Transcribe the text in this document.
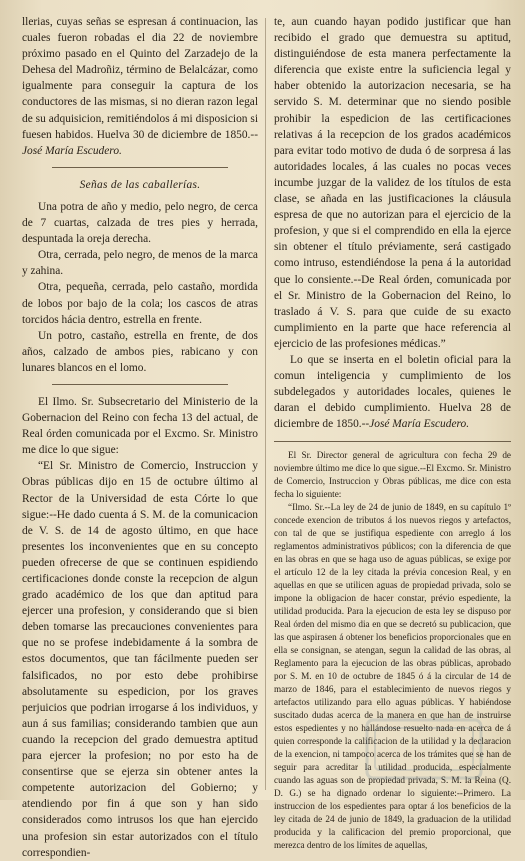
llerias, cuyas señas se espresan á continuacion, las cuales fueron robadas el dia 22 de noviembre próximo pasado en el Quinto del Zarzadejo de la Dehesa del Madroñiz, término de Belalcázar, como igualmente para conseguir la captura de los conductores de las mismas, si no dieran razon legal de su adquisicion, remitiéndolos á mi disposicion si fuesen habidos. Huelva 30 de diciembre de 1850.--José María Escudero.

Señas de las caballerías.

Una potra de año y medio, pelo negro, de cerca de 7 cuartas, calzada de tres pies y herrada, despuntada la oreja derecha.

Otra, cerrada, pelo negro, de menos de la marca y zahina.

Otra, pequeña, cerrada, pelo castaño, mordida de lobos por bajo de la cola; los cascos de atras torcidos hácia dentro, estrella en frente.

Un potro, castaño, estrella en frente, de dos años, calzado de ambos pies, rabicano y con lunares blancos en el lomo.

El Ilmo. Sr. Subsecretario del Ministerio de la Gobernacion del Reino con fecha 13 del actual, de Real órden comunicada por el Excmo. Sr. Ministro me dice lo que sigue:

“El Sr. Ministro de Comercio, Instruccion y Obras públicas dijo en 15 de octubre último al Rector de la Universidad de esta Córte lo que sigue:--He dado cuenta á S. M. de la comunicacion de V. S. de 14 de agosto último, en que hace presentes los inconvenientes que en su concepto pueden ofrecerse de que se continuen espidiendo certificaciones donde conste la recepcion de algun grado académico de los que dan aptitud para ejercer una profesion, y considerando que si bien deben tomarse las precauciones convenientes para que no se profese indebidamente á la sombra de estos documentos, que tan fácilmente pueden ser falsificados, no por esto debe prohibirse absolutamente su espedicion, por los graves perjuicios que podrian irrogarse á los individuos, y aun á sus familias; considerando tambien que aun cuando la recepcion del grado demuestra aptitud para ejercer la profesion; no por esto ha de consentirse que se ejerza sin obtener antes la competente autorizacion del Gobierno; y atendiendo por fin á que son y han sido considerados como intrusos los que han ejercido una profesion sin estar autorizados con el título correspondien-

te, aun cuando hayan podido justificar que han recibido el grado que demuestra su aptitud, distinguiéndose de esta manera perfectamente la diferencia que existe entre la suficiencia legal y haber obtenido la autorizacion necesaria, se ha servido S. M. determinar que no siendo posible prohibir la espedicion de las certificaciones relativas á la recepcion de los grados académicos para evitar todo motivo de duda ó de sorpresa á las autoridades locales, á las cuales no pocas veces incumbe juzgar de la validez de los títulos de esta clase, se añada en las justificaciones la cláusula espresa de que no autorizan para el ejercicio de la profesion, y que si el comprendido en ella la ejerce sin obtener el título préviamente, será castigado como intruso, estendiéndose la pena á la autoridad que lo consiente.--De Real órden, comunicada por el Sr. Ministro de la Gobernacion del Reino, lo traslado á V. S. para que cuide de su exacto cumplimiento en la parte que hace referencia al ejercicio de las profesiones médicas.”

Lo que se inserta en el boletin oficial para la comun inteligencia y cumplimiento de los subdelegados y autoridades locales, quienes le daran el debido cumplimiento. Huelva 28 de diciembre de 1850.--José María Escudero.

El Sr. Director general de agricultura con fecha 29 de noviembre último me dice lo que sigue.--El Excmo. Sr. Ministro de Comercio, Instruccion y Obras públicas, me dice con esta fecha lo siguiente:

“Ilmo. Sr.--La ley de 24 de junio de 1849, en su capítulo 1º concede exencion de tributos á los nuevos riegos y artefactos, con tal de que se justifiqua espediente con arreglo á los reglamentos administrativos públicos; con la diferencia de que en las obras en que se haga uso de aguas públicas, se exige por el artículo 12 de la ley citada la prévia concesion Real, y en aquellas en que se utilicen aguas de propiedad privada, solo se impone la obligacion de hacer constar, prévio espediente, la utilidad producida. Para la ejecucion de esta ley se dispuso por Real órden del mismo dia en que se decretó su publicacion, que las que aspirasen á obtener los beneficios proporcionales que en ella se consignan, se atengan, segun la calidad de las obras, al Reglamento para la ejecucion de las obras públicas, aprobado por S. M. en 10 de octubre de 1845 ó á la circular de 14 de marzo de 1846, para el establecimiento de nuevos riegos y artefactos utilizando para ello aguas públicas. Y habiéndose suscitado dudas acerca de la manera en que han de instruirse estos espedientes y no hallándose resuelto nada en acerca de á quien corresponde la calificacion de la utilidad y la declaracion de la exencion, ni tampoco acerca de los trámites que se han de seguir para acreditar la utilidad producida, especialmente cuando las aguas son de propiedad privada, S. M. la Reina (Q. D. G.) se ha dignado ordenar lo siguiente:--Primero. La instruccion de los espedientes para optar á los beneficios de la ley citada de 24 de junio de 1849, la graduacion de la utilidad producida y la calificacion del premio proporcional, que merezca dentro de los límites de aquellas,
